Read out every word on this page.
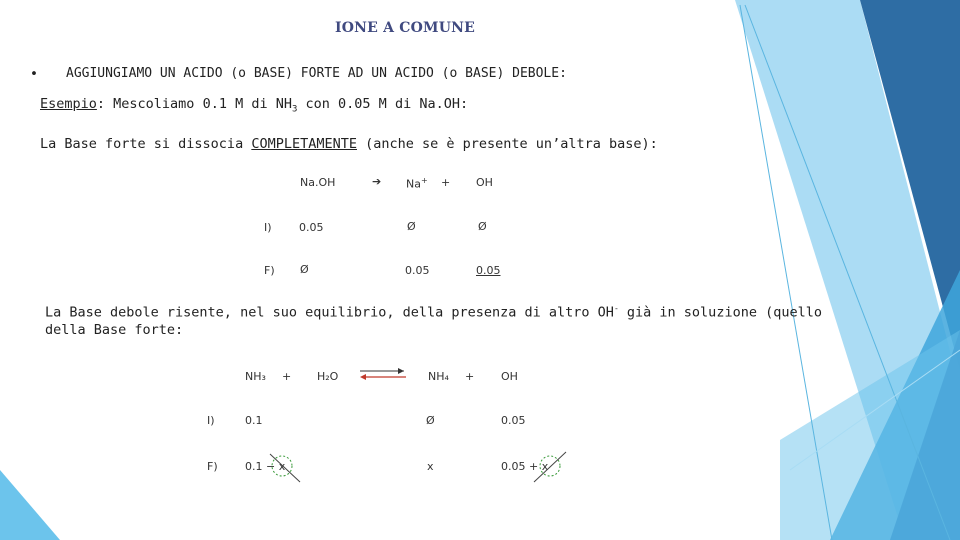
IONE A COMUNE
• AGGIUNGIAMO UN ACIDO (o BASE) FORTE AD UN ACIDO (o BASE) DEBOLE:
Esempio: Mescoliamo 0.1 M di $NH_3$ con 0.05 M di Na.OH:
La Base forte si dissocia COMPLETAMENTE (anche se è presente un’altra base):
Na.OH	➔ Na+ + OH
I) 0.05	Ø	Ø
F) Ø	0.05	0.05
La Base debole risente, nel suo equilibrio, della presenza di altro OH- già in soluzione (quello
della Base forte:
NH₃ + H₂O ⇌ NH₄ + OH
I)	0.1	Ø	0.05
F) 0.1 − x	x	0.05 + x
